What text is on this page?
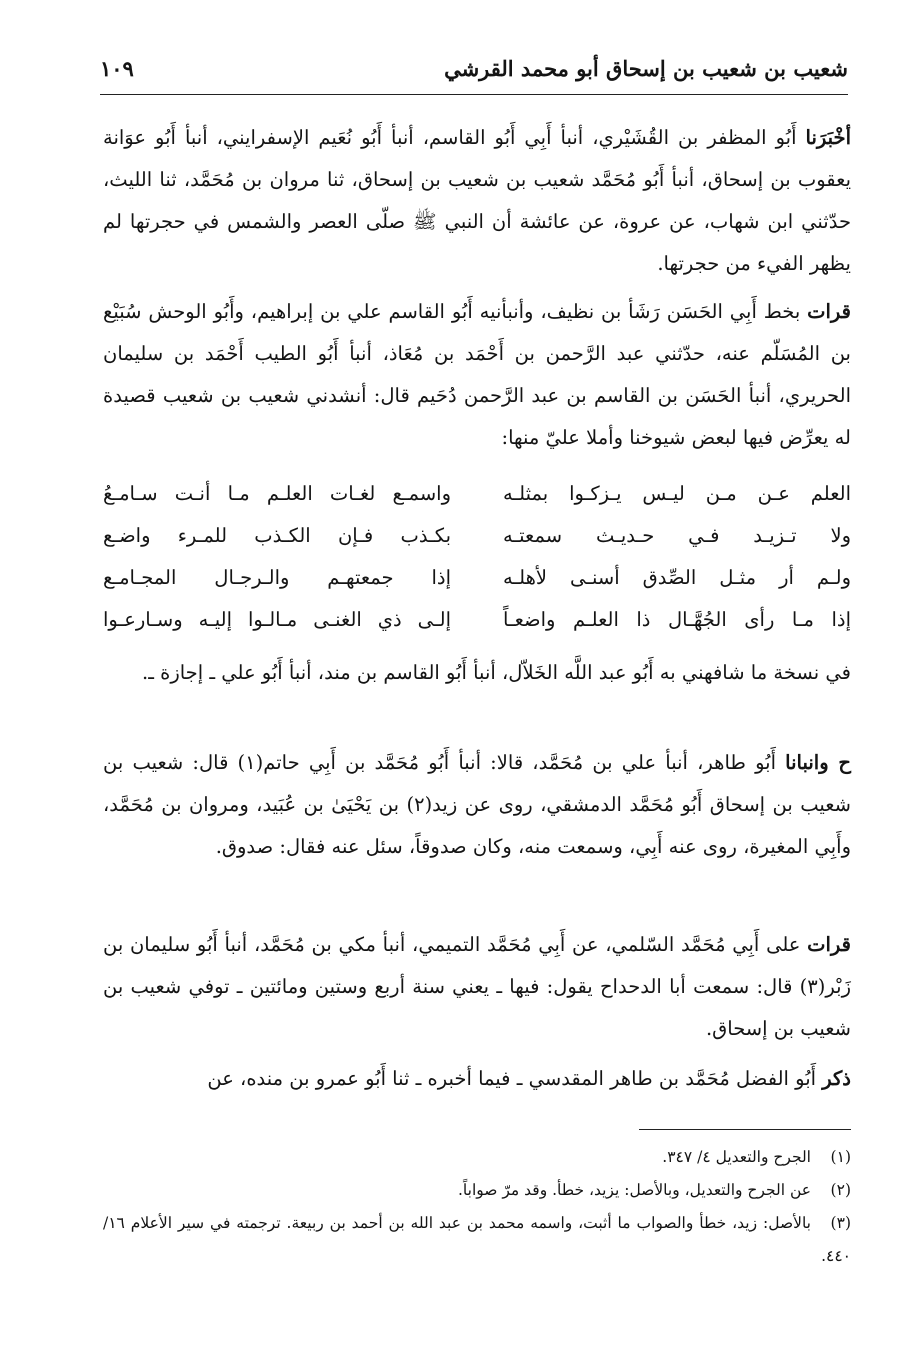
شعيب بن شعيب بن إسحاق أبو محمد القرشي
١٠٩

أخْبَرَنا أَبُو المظفر بن القُشَيْري، أنبأ أَبِي أَبُو القاسم، أنبأ أَبُو نُعَيم الإسفرايني، أنبأ أَبُو عوَانة يعقوب بن إسحاق، أنبأ أَبُو مُحَمَّد شعيب بن شعيب بن إسحاق، ثنا مروان بن مُحَمَّد، ثنا الليث، حدّثني ابن شهاب، عن عروة، عن عائشة أن النبي ﷺ صلّى العصر والشمس في حجرتها لم يظهر الفيء من حجرتها.

قرات بخط أَبِي الحَسَن رَشَأ بن نظيف، وأنبأنيه أَبُو القاسم علي بن إبراهيم، وأَبُو الوحش سُبَيْع بن المُسَلّم عنه، حدّثني عبد الرَّحمن بن أَحْمَد بن مُعَاذ، أنبأ أَبُو الطيب أَحْمَد بن سليمان الحريري، أنبأ الحَسَن بن القاسم بن عبد الرَّحمن دُحَيم قال: أنشدني شعيب بن شعيب قصيدة له يعرِّض فيها لبعض شيوخنا وأملا عليّ منها:

العلم عـن مـن ليـس يـزكـوا بمثلـه
واسمـع لغـات العلـم مـا أنـت سـامـعُ
ولا تـزيـد فـي حـديـث سمعتـه
بكـذب فـإن الكـذب للمـرء واضـع
ولـم أر مثـل الصِّدق أسنـى لأهلـه
إذا جمعتهـم والـرجـال المجـامـع
إذا مـا رأى الجُهَّـال ذا العلـم واضعـاً
إلـى ذي الغنـى مـالـوا إليـه وسـارعـوا

في نسخة ما شافهني به أَبُو عبد اللَّه الخَلاّل، أنبأ أَبُو القاسم بن مند، أنبأ أَبُو علي ـ إجازة ـ.

ح وانبانا أَبُو طاهر، أنبأ علي بن مُحَمَّد، قالا: أنبأ أَبُو مُحَمَّد بن أَبِي حاتم(١) قال: شعيب بن شعيب بن إسحاق أَبُو مُحَمَّد الدمشقي، روى عن زيد(٢) بن يَحْيَىٰ بن عُبَيد، ومروان بن مُحَمَّد، وأَبِي المغيرة، روى عنه أَبِي، وسمعت منه، وكان صدوقاً، سئل عنه فقال: صدوق.

قرات على أَبِي مُحَمَّد السّلمي، عن أَبِي مُحَمَّد التميمي، أنبأ مكي بن مُحَمَّد، أنبأ أَبُو سليمان بن زَبْر(٣) قال: سمعت أبا الدحداح يقول: فيها ـ يعني سنة أربع وستين ومائتين ـ توفي شعيب بن شعيب بن إسحاق.

ذكر أَبُو الفضل مُحَمَّد بن طاهر المقدسي ـ فيما أخبره ـ ثنا أَبُو عمرو بن منده، عن

(١)الجرح والتعديل ٤/ ٣٤٧.

(٢)عن الجرح والتعديل، وبالأصل: يزيد، خطأ. وقد مرّ صواباً.

(٣)بالأصل: زيد، خطأ والصواب ما أثبت، واسمه محمد بن عبد الله بن أحمد بن ربيعة. ترجمته في سير الأعلام ١٦/ ٤٤٠.
